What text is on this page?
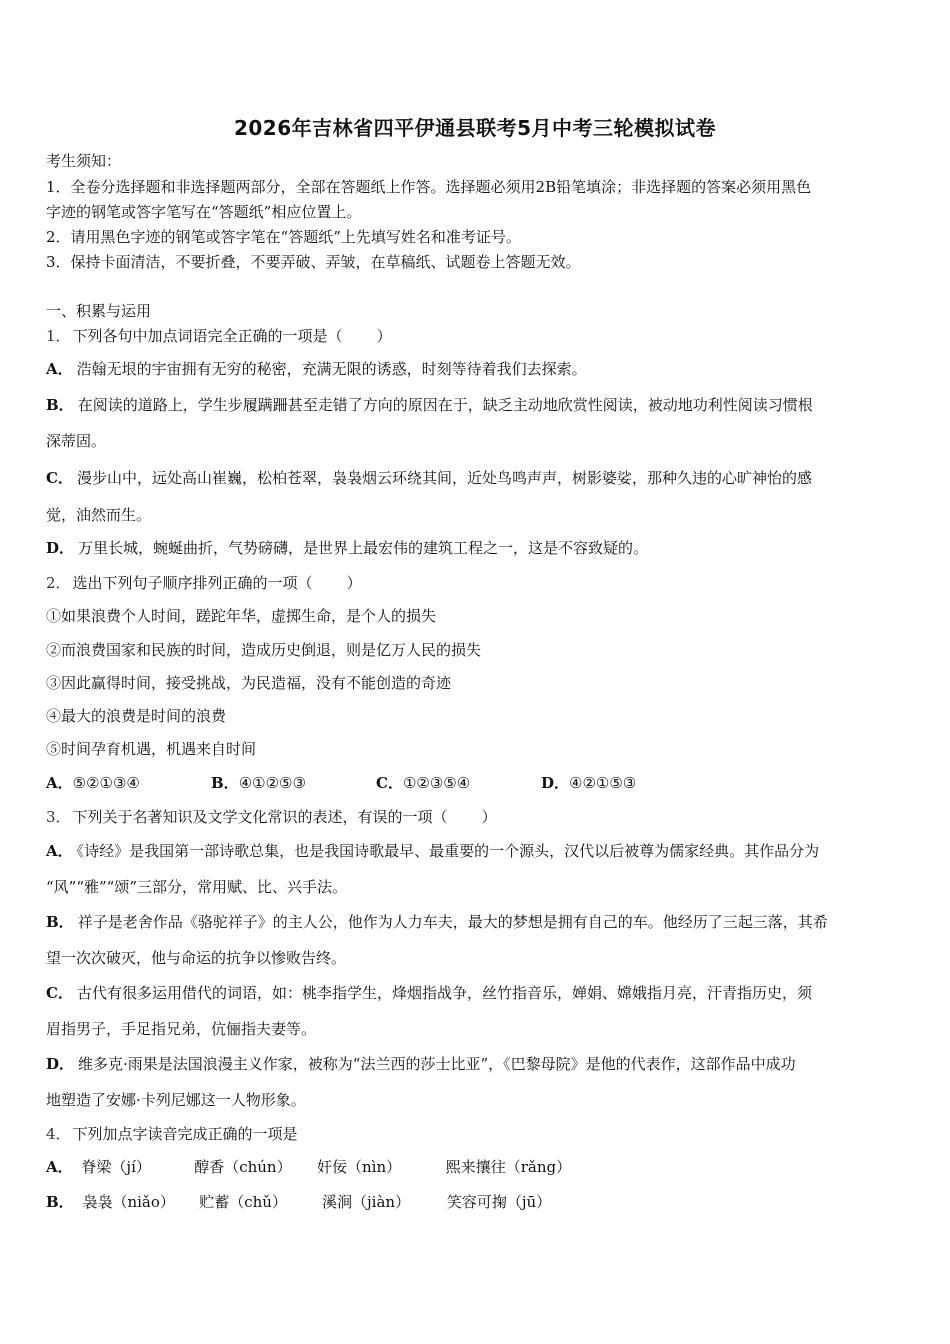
2026年吉林省四平伊通县联考5月中考三轮模拟试卷
考生须知：
1．全卷分选择题和非选择题两部分，全部在答题纸上作答。选择题必须用2B铅笔填涂；非选择题的答案必须用黑色
字迹的钢笔或答字笔写在“答题纸”相应位置上。
2．请用黑色字迹的钢笔或答字笔在“答题纸”上先填写姓名和准考证号。
3．保持卡面清洁，不要折叠，不要弄破、弄皱，在草稿纸、试题卷上答题无效。
一、积累与运用
1． 下列各句中加点词语完全正确的一项是（ ）
A． 浩翰无垠的宇宙拥有无穷的秘密，充满无限的诱惑，时刻等待着我们去探索。
B． 在阅读的道路上，学生步履蹒跚甚至走错了方向的原因在于，缺乏主动地欣赏性阅读，被动地功利性阅读习惯根
深蒂固。
C． 漫步山中，远处高山崔巍，松柏苍翠，袅袅烟云环绕其间，近处鸟鸣声声，树影婆娑，那种久违的心旷神怡的感
觉，油然而生。
D． 万里长城，蜿蜒曲折，气势磅礴，是世界上最宏伟的建筑工程之一，这是不容致疑的。
2． 选出下列句子顺序排列正确的一项（ ）
①如果浪费个人时间，蹉跎年华，虚掷生命，是个人的损失
②而浪费国家和民族的时间，造成历史倒退，则是亿万人民的损失
③因此赢得时间，接受挑战，为民造福，没有不能创造的奇迹
④最大的浪费是时间的浪费
⑤时间孕育机遇，机遇来自时间
A．⑤②①③④	B．④①②⑤③	C．①②③⑤④	D．④②①⑤③
3． 下列关于名著知识及文学文化常识的表述，有误的一项（ ）
A． 《诗经》是我国第一部诗歌总集，也是我国诗歌最早、最重要的一个源头，汉代以后被尊为儒家经典。其作品分为
“风”“雅”“颂”三部分，常用赋、比、兴手法。
B． 祥子是老舍作品《骆驼祥子》的主人公，他作为人力车夫，最大的梦想是拥有自己的车。他经历了三起三落，其希
望一次次破灭，他与命运的抗争以惨败告终。
C． 古代有很多运用借代的词语，如：桃李指学生，烽烟指战争，丝竹指音乐，婵娟、嫦娥指月亮，汗青指历史，须
眉指男子，手足指兄弟，伉俪指夫妻等。
D． 维多克·雨果是法国浪漫主义作家，被称为“法兰西的莎士比亚”，《巴黎母院》是他的代表作，这部作品中成功
地塑造了安娜·卡列尼娜这一人物形象。
4． 下列加点字读音完成正确的一项是
A． 脊梁（jí）	醇香（chún） 奸佞（nìn）	熙来攘往（rǎng）
B． 袅袅（niǎo） 贮蓄（chǔ） 溪涧（jiàn） 笑容可掬（jū）
